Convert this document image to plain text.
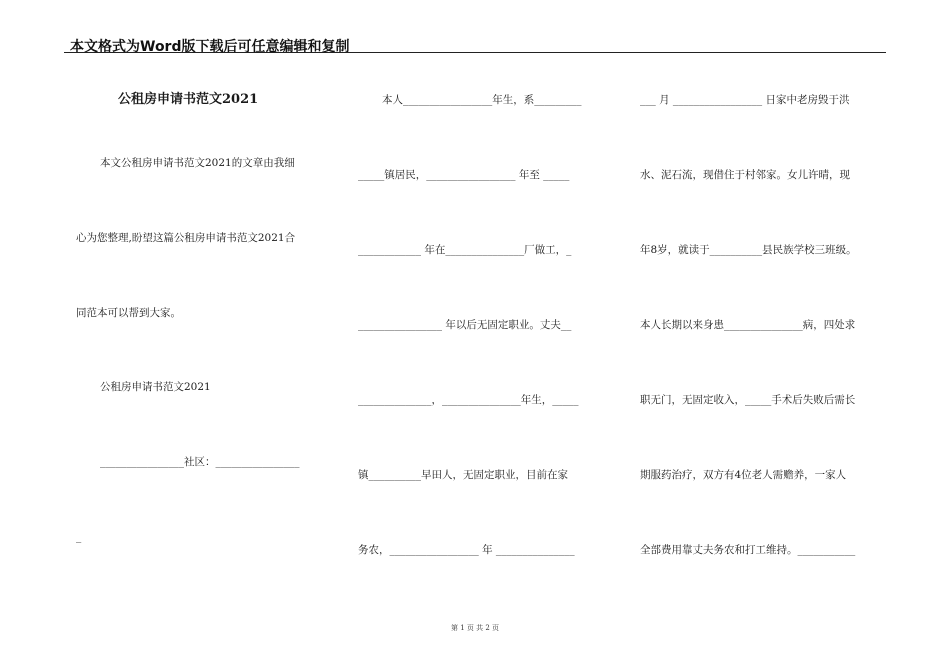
本文格式为Word版下载后可任意编辑和复制
公租房申请书范文2021
本文公租房申请书范文2021的文章由我细
心为您整理,盼望这篇公租房申请书范文2021合
同范本可以帮到大家。
公租房申请书范文2021
________________社区：________________
_
本人_________________年生，系_________
_____镇居民，_________________ 年至 _____
____________ 年在_______________厂做工，_
________________ 年以后无固定职业。丈夫__
______________，_______________年生，_____
镇__________早田人，无固定职业，目前在家
务农，_________________ 年 _______________
___ 月 _________________ 日家中老房毁于洪
水、泥石流，现借住于村邻家。女儿许晴，现
年8岁，就读于__________县民族学校三班级。
本人长期以来身患_______________病，四处求
职无门，无固定收入，_____手术后失败后需长
期服药治疗，双方有4位老人需赡养，一家人
全部费用靠丈夫务农和打工维持。___________
第 1 页 共 2 页
